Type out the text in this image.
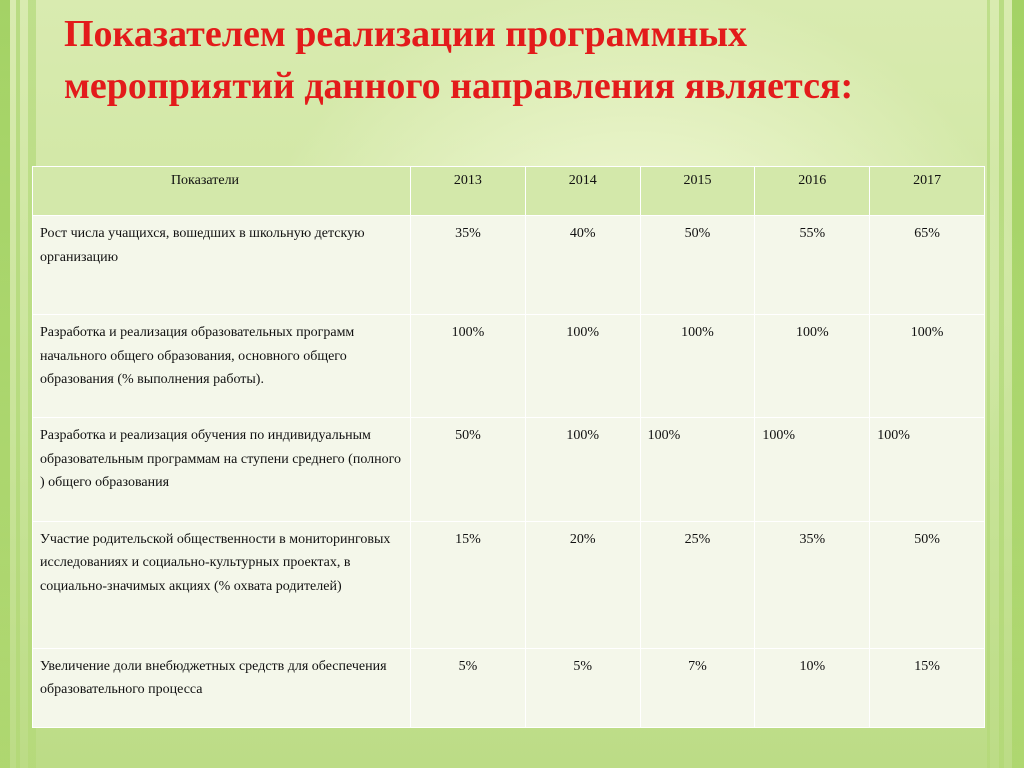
Показателем реализации программных мероприятий данного направления является:
Показатели	2013	2014	2015	2016	2017
Рост числа учащихся, вошедших в школьную детскую организацию	35%	40%	50%	55%	65%
Разработка и реализация образовательных программ начального общего образования, основного общего образования (% выполнения работы).	100%	100%	100%	100%	100%
Разработка и реализация обучения по индивидуальным образовательным программам на ступени среднего (полного ) общего образования	50%	100%	100%	100%	100%
Участие родительской общественности в мониторинговых исследованиях и социально-культурных проектах, в социально-значимых акциях (% охвата родителей)	15%	20%	25%	35%	50%
Увеличение доли внебюджетных средств для обеспечения образовательного процесса	5%	5%	7%	10%	15%
